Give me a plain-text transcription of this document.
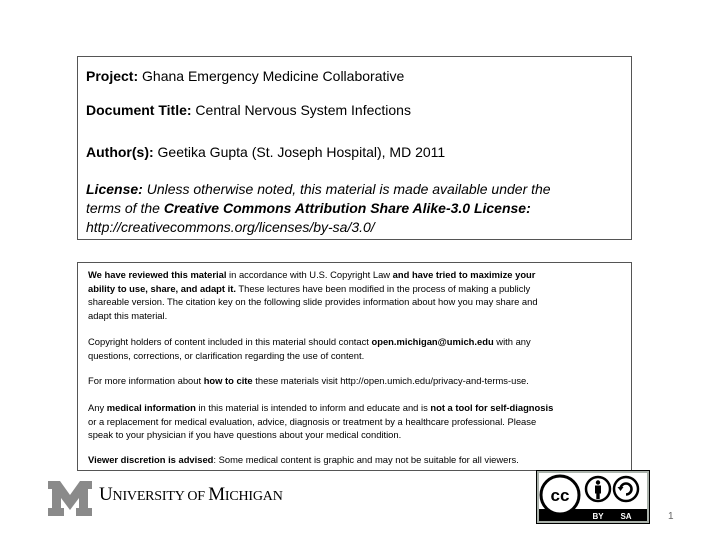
Project: Ghana Emergency Medicine Collaborative
Document Title: Central Nervous System Infections
Author(s): Geetika Gupta (St. Joseph Hospital), MD 2011

License: Unless otherwise noted, this material is made available under the

terms of the Creative Commons Attribution Share Alike-3.0 License:

http://creativecommons.org/licenses/by-sa/3.0/

We have reviewed this material in accordance with U.S. Copyright Law and have tried to maximize your

ability to use, share, and adapt it. These lectures have been modified in the process of making a publicly

shareable version. The citation key on the following slide provides information about how you may share and

adapt this material.

Copyright holders of content included in this material should contact open.michigan@umich.edu with any

questions, corrections, or clarification regarding the use of content.

For more information about how to cite these materials visit http://open.umich.edu/privacy-and-terms-use.

Any medical information in this material is intended to inform and educate and is not a tool for self-diagnosis

or a replacement for medical evaluation, advice, diagnosis or treatment by a healthcare professional. Please

speak to your physician if you have questions about your medical condition.

Viewer discretion is advised: Some medical content is graphic and may not be suitable for all viewers.

UNIVERSITY OF MICHIGAN	cc
BY SA	1
